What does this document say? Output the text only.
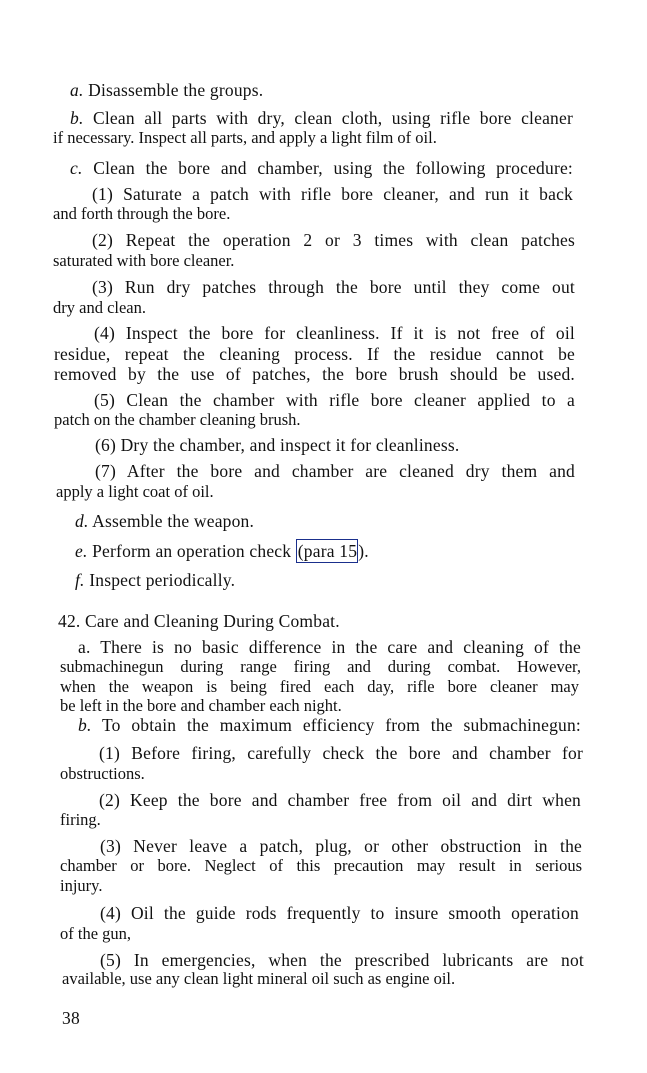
a. Disassemble the groups.
b. Clean all parts with dry, clean cloth, using rifle bore cleaner
if necessary. Inspect all parts, and apply a light film of oil.
c. Clean the bore and chamber, using the following procedure:
(1) Saturate a patch with rifle bore cleaner, and run it back
and forth through the bore.
(2) Repeat the operation 2 or 3 times with clean patches
saturated with bore cleaner.
(3) Run dry patches through the bore until they come out
dry and clean.
(4) Inspect the bore for cleanliness. If it is not free of oil
residue, repeat the cleaning process. If the residue cannot be
removed by the use of patches, the bore brush should be used.
(5) Clean the chamber with rifle bore cleaner applied to a
patch on the chamber cleaning brush.
(6) Dry the chamber, and inspect it for cleanliness.
(7) After the bore and chamber are cleaned dry them and
apply a light coat of oil.
d. Assemble the weapon.
e. Perform an operation check (para 15).
f. Inspect periodically.
42. Care and Cleaning During Combat.
a. There is no basic difference in the care and cleaning of the
submachinegun during range firing and during combat. However,
when the weapon is being fired each day, rifle bore cleaner may
be left in the bore and chamber each night.
b. To obtain the maximum efficiency from the submachinegun:
(1) Before firing, carefully check the bore and chamber for
obstructions.
(2) Keep the bore and chamber free from oil and dirt when
firing.
(3) Never leave a patch, plug, or other obstruction in the
chamber or bore. Neglect of this precaution may result in serious
injury.
(4) Oil the guide rods frequently to insure smooth operation
of the gun,
(5) In emergencies, when the prescribed lubricants are not
available, use any clean light mineral oil such as engine oil.
38
